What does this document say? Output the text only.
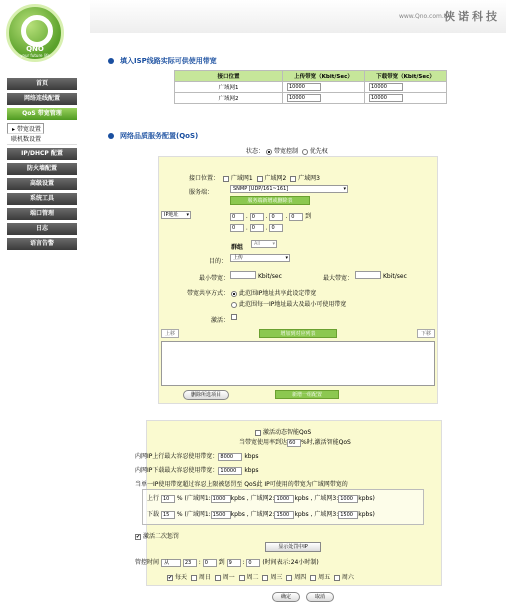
QNO
your future life
首页
网络连线配置
QoS 带宽管理
▸ 带宽设置
联机数设置
IP/DHCP 配置
防火墙配置
高级设置
系统工具
端口管理
日志
语言告警
www.Qno.com.tw
侠诺科技
填入ISP线路实际可供使用带宽
接口位置	上传带宽（Kbit/Sec）	下载带宽（Kbit/Sec）
广域网1	10000	10000
广域网2	10000	10000
网络品质服务配置(QoS)
状态： 带宽控制 优先权
接口位置： 广域网1 广域网2 广域网3
服务端：	SNMP [UDP/161~161]	▾
服务端新增或删除表
IP地址 ▾	0 . 0 . 0 . 0 到
0 . 0 . 0
群组	All ▾
目的：	上传	▾
最小带宽：	Kbit/sec	最大带宽：	Kbit/sec
带宽共享方式：	此范围IP地址共享此设定带宽
此范围每一IP地址最大及最小可使用带宽
激活：
上移	增加到对应列表	下移
删除所选项目	新增一组配置
激活动态智能QoS
当带宽使用率到达 60 %时,激活智能QoS
内网IP上行最大容忍使用带宽： 8000 kbps
内网IP下载最大容忍使用带宽： 10000 kbps
当单一IP使用带宽超过容忍上限被惩罚至 QoS此 IP可使用的带宽为广域网带宽的
上行 10 % (广域网1: 1000 kpbs , 广域网2: 1000 kpbs , 广域网3: 1000 kpbs)
下载 15 % (广域网1: 1500 kpbs , 广域网2: 1500 kpbs , 广域网3: 1500 kpbs)
✔激活二次惩罚
显示处罚中IP
管控时间 从	23 : 0 到 9 : 0 (时间表示:24小时制)
✔每天 周日 周一 周二 周三 周四 周五 周六
确定	取消
